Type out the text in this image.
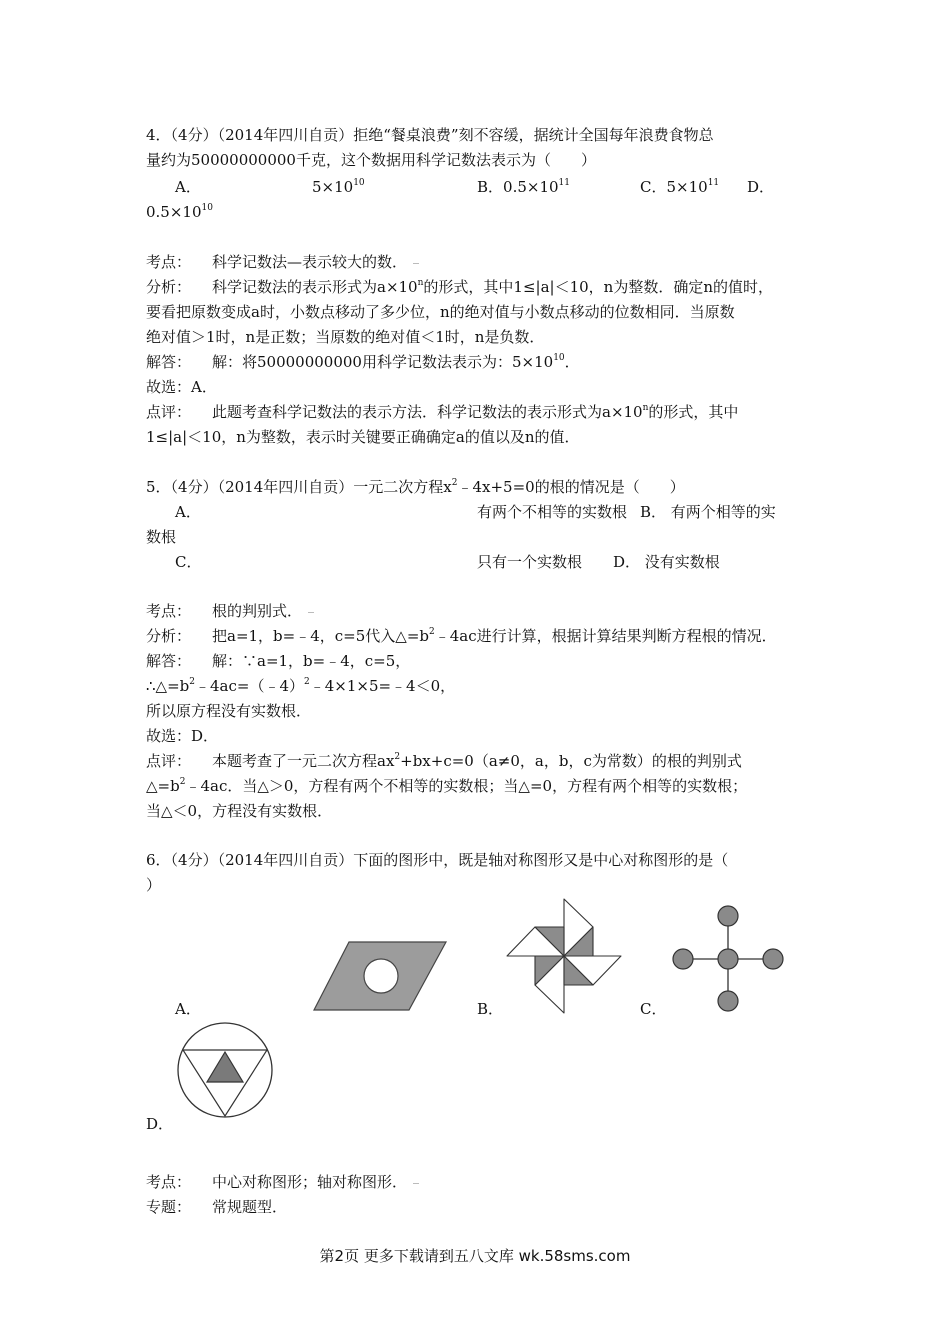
4．（4分）（2014年四川自贡）拒绝“餐桌浪费”刻不容缓，据统计全国每年浪费食物总
量约为50000000000千克，这个数据用科学记数法表示为（　　）
A．	$5\times 10^{10}$	B．$0.5\times 10^{11}$	C．$5\times 10^{11}$ D．
$0.5\times 10^{10}$
考点： 科学记数法—表示较大的数．
分析： 科学记数法的表示形式为$a\times 10^n$的形式，其中1≤|a|＜10，n为整数．确定n的值时，
要看把原数变成a时，小数点移动了多少位，n的绝对值与小数点移动的位数相同．当原数
绝对值＞1时，n是正数；当原数的绝对值＜1时，n是负数．
解答： 解：将50000000000用科学记数法表示为：$5\times 10^{10}$．
故选：A．
点评： 此题考查科学记数法的表示方法．科学记数法的表示形式为$a\times 10^n$的形式，其中
1≤|a|＜10，n为整数，表示时关键要正确确定a的值以及n的值．
5．（4分）（2014年四川自贡）一元二次方程$x^2﹣4x+5=0$的根的情况是（　　）
A．	有两个不相等的实数根 B． 有两个相等的实
数根
C．	只有一个实数根 D． 没有实数根
考点： 根的判别式．
分析： 把a=1，b=﹣4，c=5代入$\triangle=b^2﹣4ac$进行计算，根据计算结果判断方程根的情况．
解答： 解：∵a=1，b=﹣4，c=5，
$\therefore\triangle=b^2﹣4ac=(﹣4)^2﹣4\times 1\times 5=﹣4<0$，
所以原方程没有实数根．
故选：D．
点评： 本题考查了一元二次方程$ax^2+bx+c=0(a\ne 0$，a，b，c为常数）的根的判别式
$\triangle=b^2﹣4ac$．当△＞0，方程有两个不相等的实数根；当△=0，方程有两个相等的实数根；
当△＜0，方程没有实数根．
6．（4分）（2014年四川自贡）下面的图形中，既是轴对称图形又是中心对称图形的是（
）
A．	B．	C．
D．
考点： 中心对称图形；轴对称图形．
专题： 常规题型．
第2页 更多下载请到五八文库 wk.58sms.com
